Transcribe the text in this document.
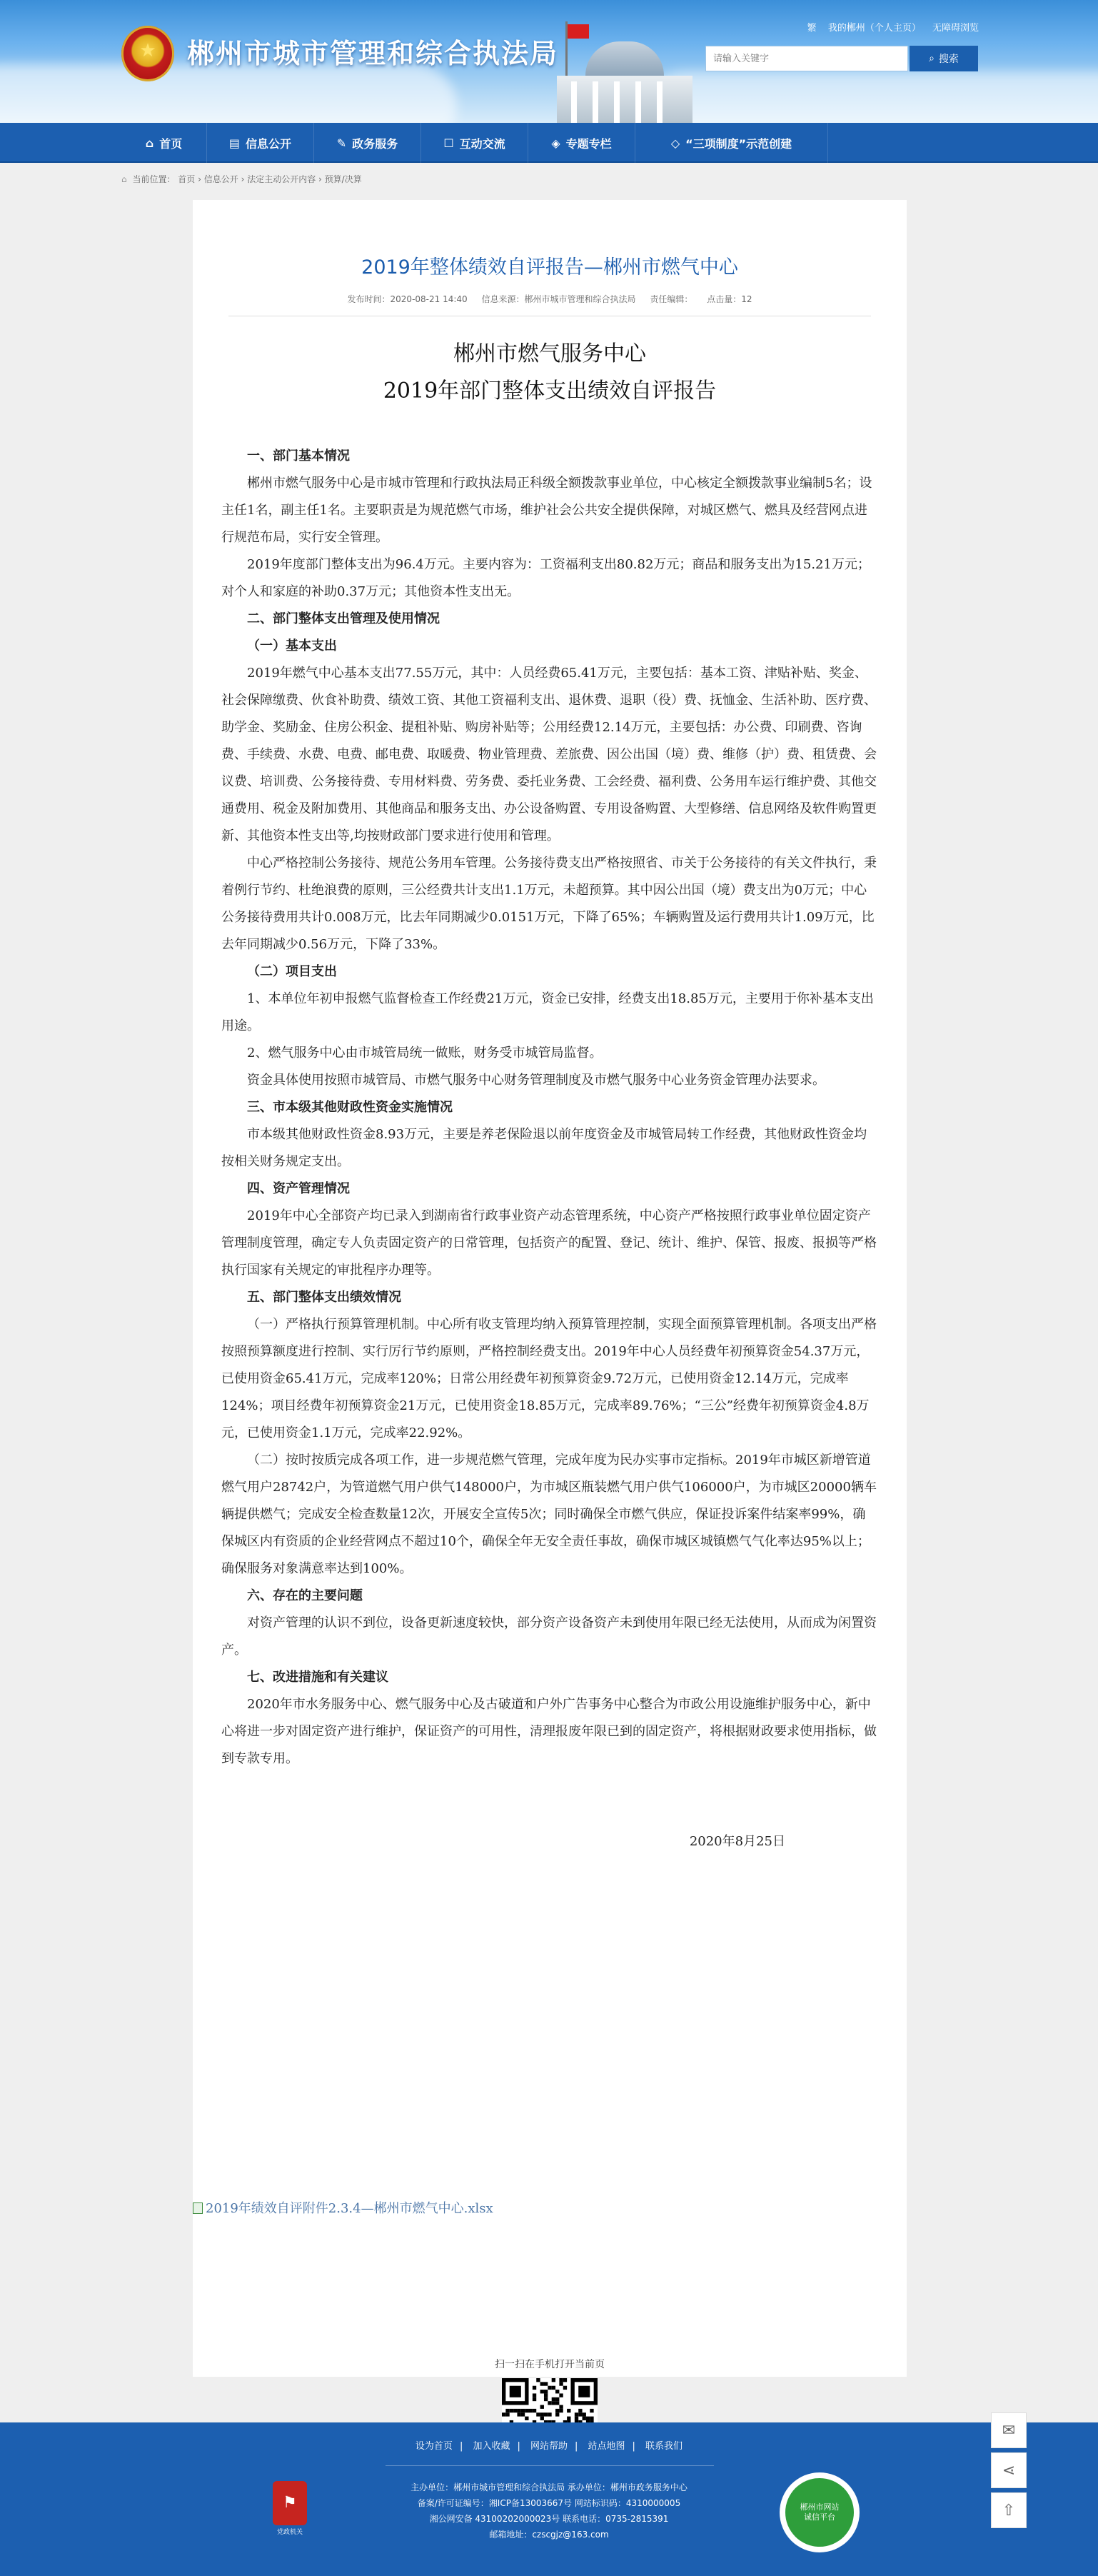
★	郴州市城市管理和综合执法局
繁 我的郴州（个人主页） 无障碍浏览
请输入关键字
⌕ 搜索
⌂ 首页	▤ 信息公开	✎ 政务服务	☐ 互动交流	◈ 专题专栏	◇ “三项制度”示范创建
⌂ 当前位置： 首页 › 信息公开 › 法定主动公开内容 › 预算/决算
2019年整体绩效自评报告—郴州市燃气中心
发布时间：2020-08-21 14:40 信息来源：郴州市城市管理和综合执法局 责任编辑： 点击量：12
郴州市燃气服务中心
2019年部门整体支出绩效自评报告

一、部门基本情况

郴州市燃气服务中心是市城市管理和行政执法局正科级全额拨款事业单位，中心核定全额拨款事业编制5名；设主任1名，副主任1名。主要职责是为规范燃气市场，维护社会公共安全提供保障，对城区燃气、燃具及经营网点进行规范布局，实行安全管理。

2019年度部门整体支出为96.4万元。主要内容为：工资福利支出80.82万元；商品和服务支出为15.21万元；对个人和家庭的补助0.37万元；其他资本性支出无。

二、部门整体支出管理及使用情况

（一）基本支出

2019年燃气中心基本支出77.55万元，其中：人员经费65.41万元，主要包括：基本工资、津贴补贴、奖金、社会保障缴费、伙食补助费、绩效工资、其他工资福利支出、退休费、退职（役）费、抚恤金、生活补助、医疗费、助学金、奖励金、住房公积金、提租补贴、购房补贴等；公用经费12.14万元，主要包括：办公费、印刷费、咨询费、手续费、水费、电费、邮电费、取暖费、物业管理费、差旅费、因公出国（境）费、维修（护）费、租赁费、会议费、培训费、公务接待费、专用材料费、劳务费、委托业务费、工会经费、福利费、公务用车运行维护费、其他交通费用、税金及附加费用、其他商品和服务支出、办公设备购置、专用设备购置、大型修缮、信息网络及软件购置更新、其他资本性支出等,均按财政部门要求进行使用和管理。

中心严格控制公务接待、规范公务用车管理。公务接待费支出严格按照省、市关于公务接待的有关文件执行，秉着例行节约、杜绝浪费的原则，三公经费共计支出1.1万元，未超预算。其中因公出国（境）费支出为0万元；中心公务接待费用共计0.008万元，比去年同期减少0.0151万元，下降了65%；车辆购置及运行费用共计1.09万元，比去年同期减少0.56万元，下降了33%。

（二）项目支出

1、本单位年初申报燃气监督检查工作经费21万元，资金已安排，经费支出18.85万元，主要用于你补基本支出用途。

2、燃气服务中心由市城管局统一做账，财务受市城管局监督。

资金具体使用按照市城管局、市燃气服务中心财务管理制度及市燃气服务中心业务资金管理办法要求。

三、市本级其他财政性资金实施情况

市本级其他财政性资金8.93万元，主要是养老保险退以前年度资金及市城管局转工作经费，其他财政性资金均按相关财务规定支出。

四、资产管理情况

2019年中心全部资产均已录入到湖南省行政事业资产动态管理系统，中心资产严格按照行政事业单位固定资产管理制度管理，确定专人负责固定资产的日常管理，包括资产的配置、登记、统计、维护、保管、报废、报损等严格执行国家有关规定的审批程序办理等。

五、部门整体支出绩效情况

（一）严格执行预算管理机制。中心所有收支管理均纳入预算管理控制，实现全面预算管理机制。各项支出严格按照预算额度进行控制、实行厉行节约原则，严格控制经费支出。2019年中心人员经费年初预算资金54.37万元，已使用资金65.41万元，完成率120%；日常公用经费年初预算资金9.72万元，已使用资金12.14万元，完成率124%；项目经费年初预算资金21万元，已使用资金18.85万元，完成率89.76%；“三公”经费年初预算资金4.8万元，已使用资金1.1万元，完成率22.92%。

（二）按时按质完成各项工作，进一步规范燃气管理，完成年度为民办实事市定指标。2019年市城区新增管道燃气用户28742户，为管道燃气用户供气148000户，为市城区瓶装燃气用户供气106000户，为市城区20000辆车辆提供燃气；完成安全检查数量12次，开展安全宣传5次；同时确保全市燃气供应，保证投诉案件结案率99%，确保城区内有资质的企业经营网点不超过10个，确保全年无安全责任事故，确保市城区城镇燃气气化率达95%以上；确保服务对象满意率达到100%。

六、存在的主要问题

对资产管理的认识不到位，设备更新速度较快，部分资产设备资产未到使用年限已经无法使用，从而成为闲置资产。

七、改进措施和有关建议

2020年市水务服务中心、燃气服务中心及古破道和户外广告事务中心整合为市政公用设施维护服务中心，新中心将进一步对固定资产进行维护，保证资产的可用性，清理报废年限已到的固定资产，将根据财政要求使用指标，做到专款专用。

2020年8月25日

2019年绩效自评附件2.3.4—郴州市燃气中心.xlsx
扫一扫在手机打开当前页
设为首页 | 加入收藏 | 网站帮助 | 站点地图 | 联系我们
⚑
党政机关
主办单位：郴州市城市管理和综合执法局 承办单位：郴州市政务服务中心
备案/许可证编号：湘ICP备13003667号 网站标识码：4310000005
湘公网安备 43100202000023号 联系电话：0735-2815391
邮箱地址：czscgjz@163.com
郴州市网站
诚信平台
✉
⋖
⇧
